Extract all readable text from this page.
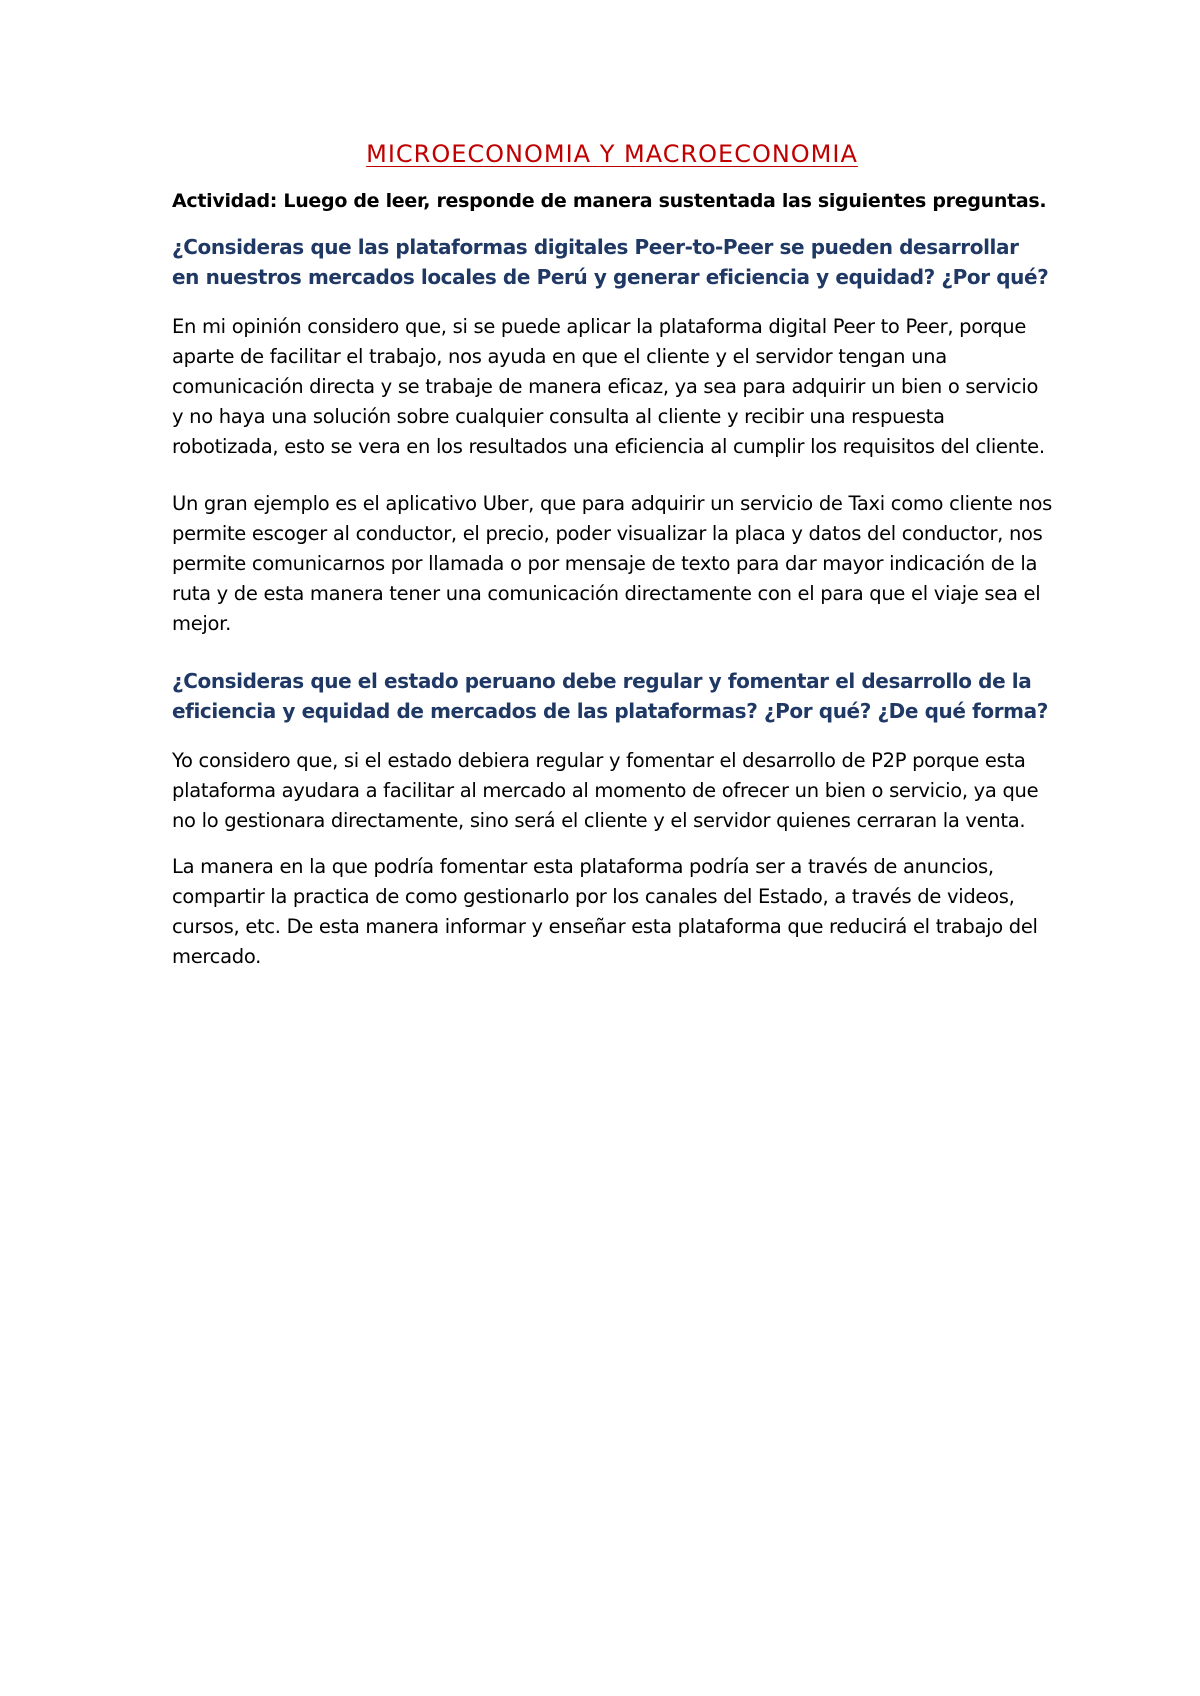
MICROECONOMIA Y MACROECONOMIA

Actividad: Luego de leer, responde de manera sustentada las siguientes preguntas.

¿Consideras que las plataformas digitales Peer-to-Peer se pueden desarrollar en nuestros mercados locales de Perú y generar eficiencia y equidad? ¿Por qué?

En mi opinión considero que, si se puede aplicar la plataforma digital Peer to Peer, porque aparte de facilitar el trabajo, nos ayuda en que el cliente y el servidor tengan una comunicación directa y se trabaje de manera eficaz, ya sea para adquirir un bien o servicio y no haya una solución sobre cualquier consulta al cliente y recibir una respuesta robotizada, esto se vera en los resultados una eficiencia al cumplir los requisitos del cliente.

Un gran ejemplo es el aplicativo Uber, que para adquirir un servicio de Taxi como cliente nos permite escoger al conductor, el precio, poder visualizar la placa y datos del conductor, nos permite comunicarnos por llamada o por mensaje de texto para dar mayor indicación de la ruta y de esta manera tener una comunicación directamente con el para que el viaje sea el mejor.

¿Consideras que el estado peruano debe regular y fomentar el desarrollo de la eficiencia y equidad de mercados de las plataformas? ¿Por qué? ¿De qué forma?

Yo considero que, si el estado debiera regular y fomentar el desarrollo de P2P porque esta plataforma ayudara a facilitar al mercado al momento de ofrecer un bien o servicio, ya que no lo gestionara directamente, sino será el cliente y el servidor quienes cerraran la venta.

La manera en la que podría fomentar esta plataforma podría ser a través de anuncios, compartir la practica de como gestionarlo por los canales del Estado, a través de videos, cursos, etc. De esta manera informar y enseñar esta plataforma que reducirá el trabajo del mercado.
